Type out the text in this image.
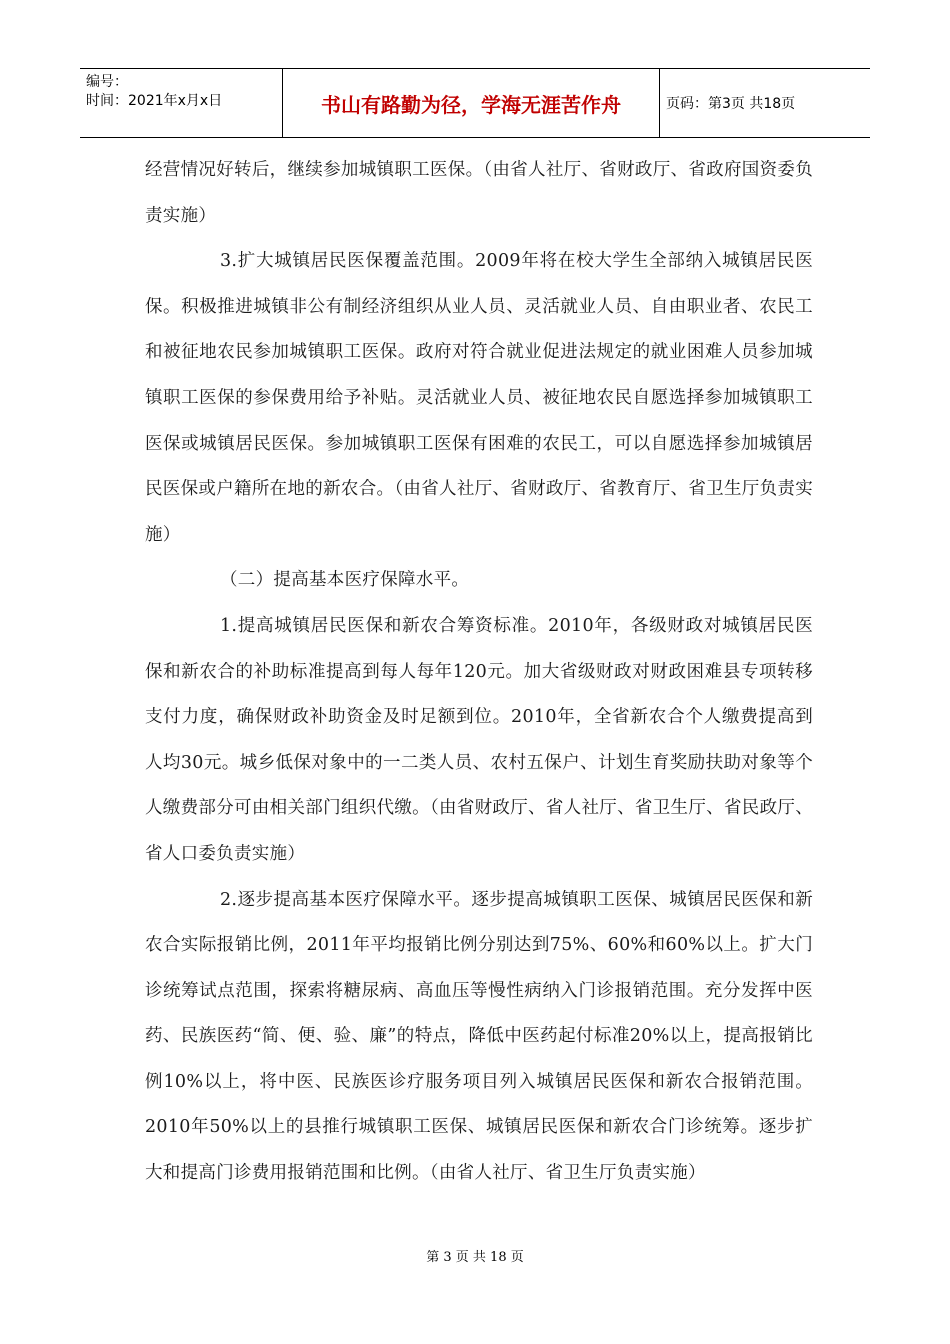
编号：
时间：2021年x月x日	书山有路勤为径，学海无涯苦作舟	页码：第3页 共18页

经营情况好转后，继续参加城镇职工医保。（由省人社厅、省财政厅、省政府国资委负责实施）

3.扩大城镇居民医保覆盖范围。2009年将在校大学生全部纳入城镇居民医保。积极推进城镇非公有制经济组织从业人员、灵活就业人员、自由职业者、农民工和被征地农民参加城镇职工医保。政府对符合就业促进法规定的就业困难人员参加城镇职工医保的参保费用给予补贴。灵活就业人员、被征地农民自愿选择参加城镇职工医保或城镇居民医保。参加城镇职工医保有困难的农民工，可以自愿选择参加城镇居民医保或户籍所在地的新农合。（由省人社厅、省财政厅、省教育厅、省卫生厅负责实施）

（二）提高基本医疗保障水平。

1.提高城镇居民医保和新农合筹资标准。2010年，各级财政对城镇居民医保和新农合的补助标准提高到每人每年120元。加大省级财政对财政困难县专项转移支付力度，确保财政补助资金及时足额到位。2010年，全省新农合个人缴费提高到人均30元。城乡低保对象中的一二类人员、农村五保户、计划生育奖励扶助对象等个人缴费部分可由相关部门组织代缴。（由省财政厅、省人社厅、省卫生厅、省民政厅、省人口委负责实施）

2.逐步提高基本医疗保障水平。逐步提高城镇职工医保、城镇居民医保和新农合实际报销比例，2011年平均报销比例分别达到75%、60%和60%以上。扩大门诊统筹试点范围，探索将糖尿病、高血压等慢性病纳入门诊报销范围。充分发挥中医药、民族医药“简、便、验、廉”的特点，降低中医药起付标准20%以上，提高报销比例10%以上，将中医、民族医诊疗服务项目列入城镇居民医保和新农合报销范围。2010年50%以上的县推行城镇职工医保、城镇居民医保和新农合门诊统筹。逐步扩大和提高门诊费用报销范围和比例。（由省人社厅、省卫生厅负责实施）

第 3 页 共 18 页
